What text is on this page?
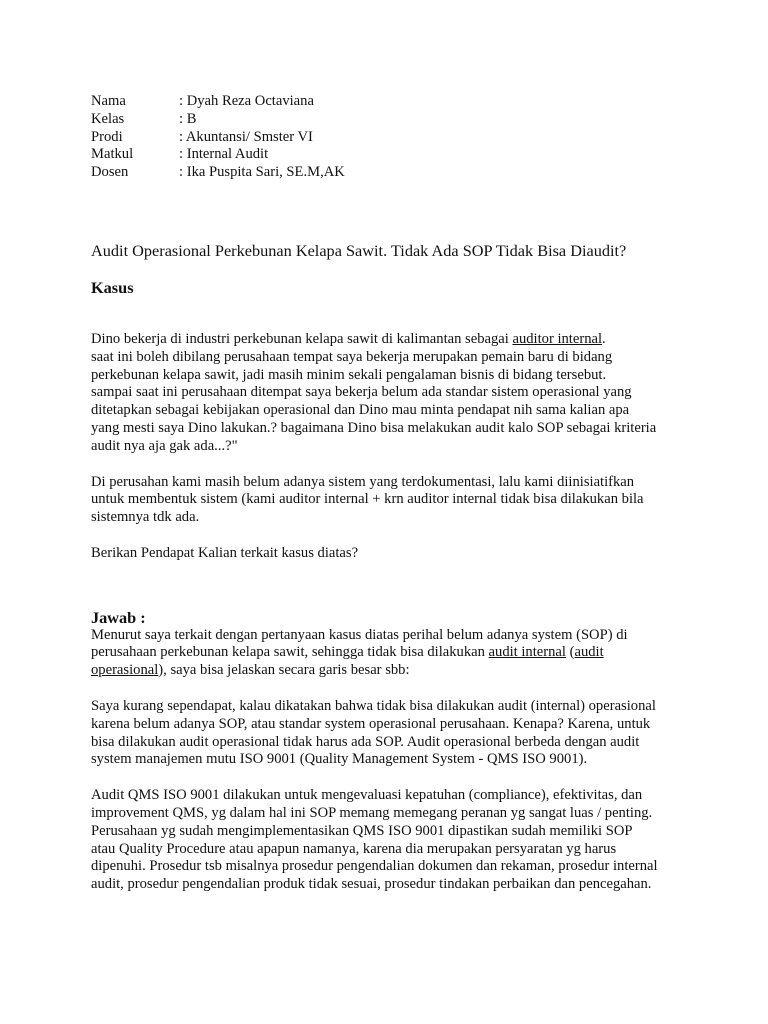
Nama	: Dyah Reza Octaviana
Kelas	: B
Prodi	: Akuntansi/ Smster VI
Matkul	: Internal Audit
Dosen	: Ika Puspita Sari, SE.M,AK
Audit Operasional Perkebunan Kelapa Sawit. Tidak Ada SOP Tidak Bisa Diaudit?
Kasus
Dino bekerja di industri perkebunan kelapa sawit di kalimantan sebagai auditor internal.
saat ini boleh dibilang perusahaan tempat saya bekerja merupakan pemain baru di bidang
perkebunan kelapa sawit, jadi masih minim sekali pengalaman bisnis di bidang tersebut.
sampai saat ini perusahaan ditempat saya bekerja belum ada standar sistem operasional yang
ditetapkan sebagai kebijakan operasional dan Dino mau minta pendapat nih sama kalian apa
yang mesti saya Dino lakukan.? bagaimana Dino bisa melakukan audit kalo SOP sebagai kriteria
audit nya aja gak ada...?"
Di perusahan kami masih belum adanya sistem yang terdokumentasi, lalu kami diinisiatifkan
untuk membentuk sistem (kami auditor internal + krn auditor internal tidak bisa dilakukan bila
sistemnya tdk ada.
Berikan Pendapat Kalian terkait kasus diatas?
Jawab :
Menurut saya terkait dengan pertanyaan kasus diatas perihal belum adanya system (SOP) di
perusahaan perkebunan kelapa sawit, sehingga tidak bisa dilakukan audit internal (audit
operasional), saya bisa jelaskan secara garis besar sbb:
Saya kurang sependapat, kalau dikatakan bahwa tidak bisa dilakukan audit (internal) operasional
karena belum adanya SOP, atau standar system operasional perusahaan. Kenapa? Karena, untuk
bisa dilakukan audit operasional tidak harus ada SOP. Audit operasional berbeda dengan audit
system manajemen mutu ISO 9001 (Quality Management System - QMS ISO 9001).
Audit QMS ISO 9001 dilakukan untuk mengevaluasi kepatuhan (compliance), efektivitas, dan
improvement QMS, yg dalam hal ini SOP memang memegang peranan yg sangat luas / penting.
Perusahaan yg sudah mengimplementasikan QMS ISO 9001 dipastikan sudah memiliki SOP
atau Quality Procedure atau apapun namanya, karena dia merupakan persyaratan yg harus
dipenuhi. Prosedur tsb misalnya prosedur pengendalian dokumen dan rekaman, prosedur internal
audit, prosedur pengendalian produk tidak sesuai, prosedur tindakan perbaikan dan pencegahan.
